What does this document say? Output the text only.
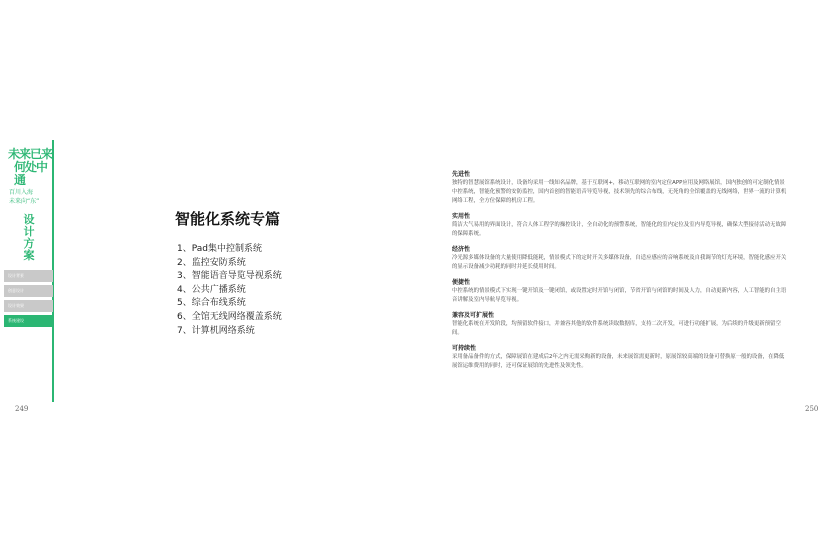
未来已来
何处中通
百川入海
未来向“东”
设计方案
设计背景
创意设计
设计效果
系统建设
249	250
智能化系统专篇
1、Pad集中控制系统
2、监控安防系统
3、智能语音导览导视系统
4、公共广播系统
5、综合布线系统
6、全馆无线网络覆盖系统
7、计算机网络系统
先进性
独特的智慧展馆系统设计，设备均采用一线知名品牌，基于互联网+，移动互联网的室内定位APP应用及网络展馆，国内独创的可定制化情景中控系统，智能化预警的安防监控，国内首创的智能语音导览导视，技术领先的综合布线，无死角的全馆覆盖的无线网络，世界一流的计算机网络工程，全方位保障的机房工程。
实用性
简洁大气易用的界面设计，符合人体工程学的操控设计，全自动化的预警系统，智能化的室内定位及室内导览导视，确保大型接待活动无故障的保障系统。
经济性
冷光源多媒体设备的大量使用降低能耗，情景模式下的定时开关多媒体设备，自适应感应的音响系统及自我调节的灯光环境，智能化感应开关的显示设备减少功耗的同时并延长使用时间。
便捷性
中控系统的情景模式下实现一键开馆及一键闭馆，或设置定时开馆与闭馆，节省开馆与闭馆的时间及人力，自动更新内容，人工智能的自主语音讲解及室内导航导览导视。
兼容及可扩展性
智能化系统在开发阶段，均预留软件接口，并兼容其他的软件系统读取数据库，支持二次开发，可进行功能扩展，为后续的升级更新预留空间。
可持续性
采用备品备件的方式，保障展馆在建成后2年之内无需采购新的设备，未来展馆需更新时，原展馆较高端的设备可替换原一般的设备，在降低展馆运维费用的同时，还可保证展馆的先进性及领先性。
